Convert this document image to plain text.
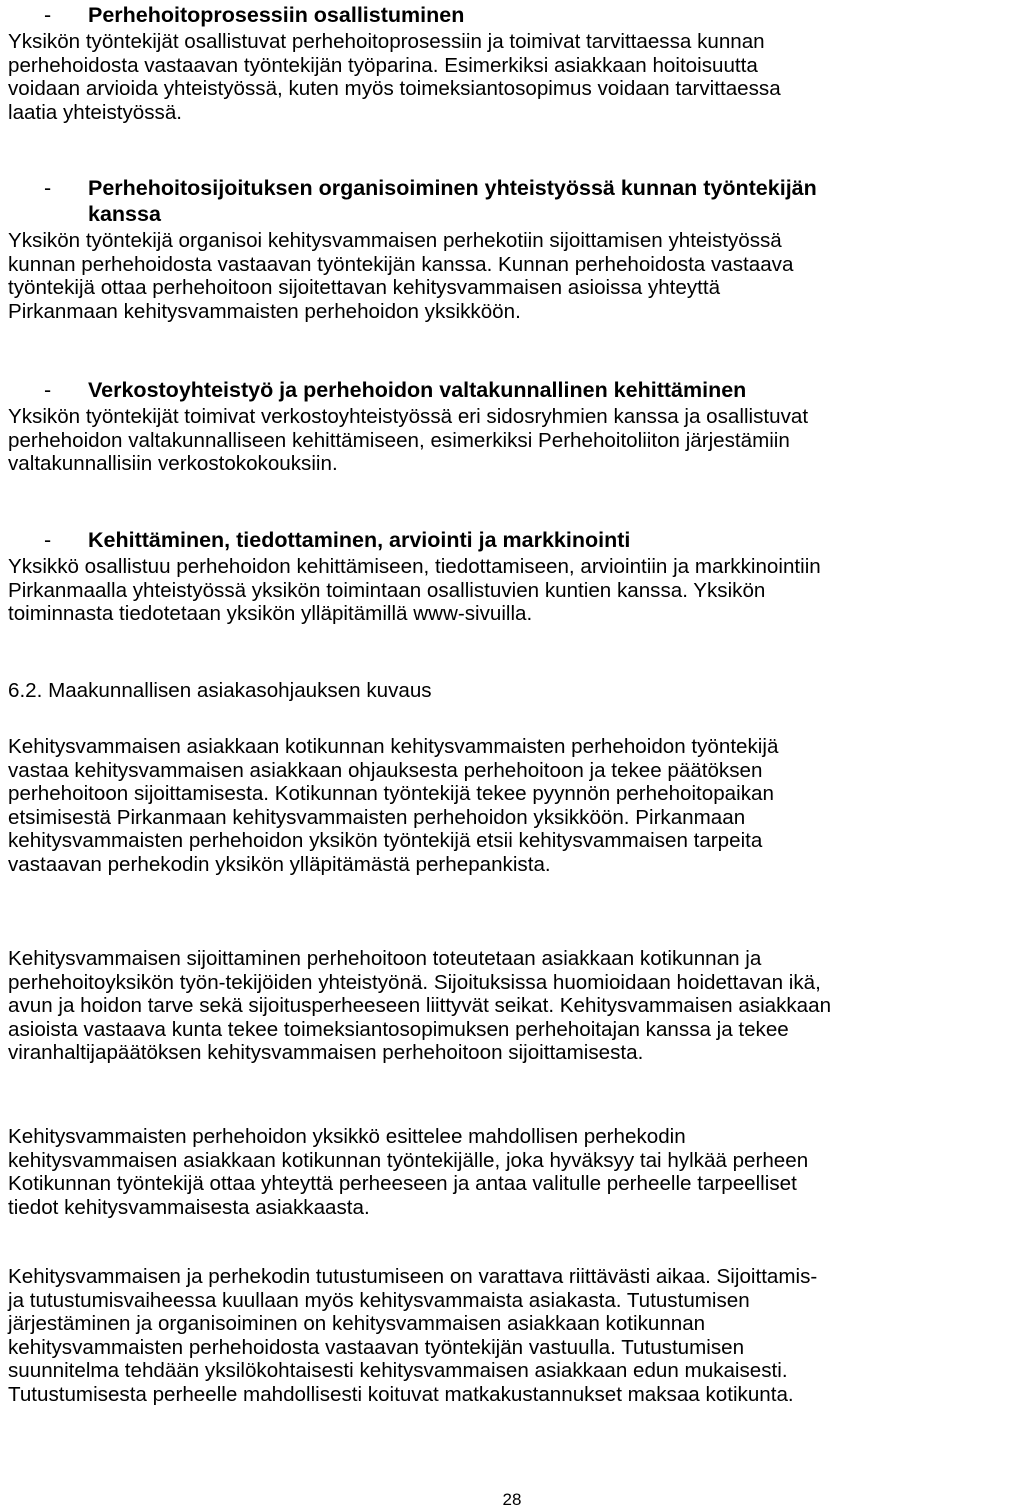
- Perhehoitoprosessiin osallistuminen
Yksikön työntekijät osallistuvat perhehoitoprosessiin ja toimivat tarvittaessa kunnan
perhehoidosta vastaavan työntekijän työparina. Esimerkiksi asiakkaan hoitoisuutta
voidaan arvioida yhteistyössä, kuten myös toimeksiantosopimus voidaan tarvittaessa
laatia yhteistyössä.
- Perhehoitosijoituksen organisoiminen yhteistyössä kunnan työntekijän
kanssa
Yksikön työntekijä organisoi kehitysvammaisen perhekotiin sijoittamisen yhteistyössä
kunnan perhehoidosta vastaavan työntekijän kanssa. Kunnan perhehoidosta vastaava
työntekijä ottaa perhehoitoon sijoitettavan kehitysvammaisen asioissa yhteyttä
Pirkanmaan kehitysvammaisten perhehoidon yksikköön.
- Verkostoyhteistyö ja perhehoidon valtakunnallinen kehittäminen
Yksikön työntekijät toimivat verkostoyhteistyössä eri sidosryhmien kanssa ja osallistuvat
perhehoidon valtakunnalliseen kehittämiseen, esimerkiksi Perhehoitoliiton järjestämiin
valtakunnallisiin verkostokokouksiin.
- Kehittäminen, tiedottaminen, arviointi ja markkinointi
Yksikkö osallistuu perhehoidon kehittämiseen, tiedottamiseen, arviointiin ja markkinointiin
Pirkanmaalla yhteistyössä yksikön toimintaan osallistuvien kuntien kanssa. Yksikön
toiminnasta tiedotetaan yksikön ylläpitämillä www-sivuilla.
6.2. Maakunnallisen asiakasohjauksen kuvaus
Kehitysvammaisen asiakkaan kotikunnan kehitysvammaisten perhehoidon työntekijä
vastaa kehitysvammaisen asiakkaan ohjauksesta perhehoitoon ja tekee päätöksen
perhehoitoon sijoittamisesta. Kotikunnan työntekijä tekee pyynnön perhehoitopaikan
etsimisestä Pirkanmaan kehitysvammaisten perhehoidon yksikköön. Pirkanmaan
kehitysvammaisten perhehoidon yksikön työntekijä etsii kehitysvammaisen tarpeita
vastaavan perhekodin yksikön ylläpitämästä perhepankista.
Kehitysvammaisen sijoittaminen perhehoitoon toteutetaan asiakkaan kotikunnan ja
perhehoitoyksikön työn-tekijöiden yhteistyönä. Sijoituksissa huomioidaan hoidettavan ikä,
avun ja hoidon tarve sekä sijoitusperheeseen liittyvät seikat. Kehitysvammaisen asiakkaan
asioista vastaava kunta tekee toimeksiantosopimuksen perhehoitajan kanssa ja tekee
viranhaltijapäätöksen kehitysvammaisen perhehoitoon sijoittamisesta.
Kehitysvammaisten perhehoidon yksikkö esittelee mahdollisen perhekodin
kehitysvammaisen asiakkaan kotikunnan työntekijälle, joka hyväksyy tai hylkää perheen
Kotikunnan työntekijä ottaa yhteyttä perheeseen ja antaa valitulle perheelle tarpeelliset
tiedot kehitysvammaisesta asiakkaasta.
Kehitysvammaisen ja perhekodin tutustumiseen on varattava riittävästi aikaa. Sijoittamis-
ja tutustumisvaiheessa kuullaan myös kehitysvammaista asiakasta. Tutustumisen
järjestäminen ja organisoiminen on kehitysvammaisen asiakkaan kotikunnan
kehitysvammaisten perhehoidosta vastaavan työntekijän vastuulla. Tutustumisen
suunnitelma tehdään yksilökohtaisesti kehitysvammaisen asiakkaan edun mukaisesti.
Tutustumisesta perheelle mahdollisesti koituvat matkakustannukset maksaa kotikunta.
28
